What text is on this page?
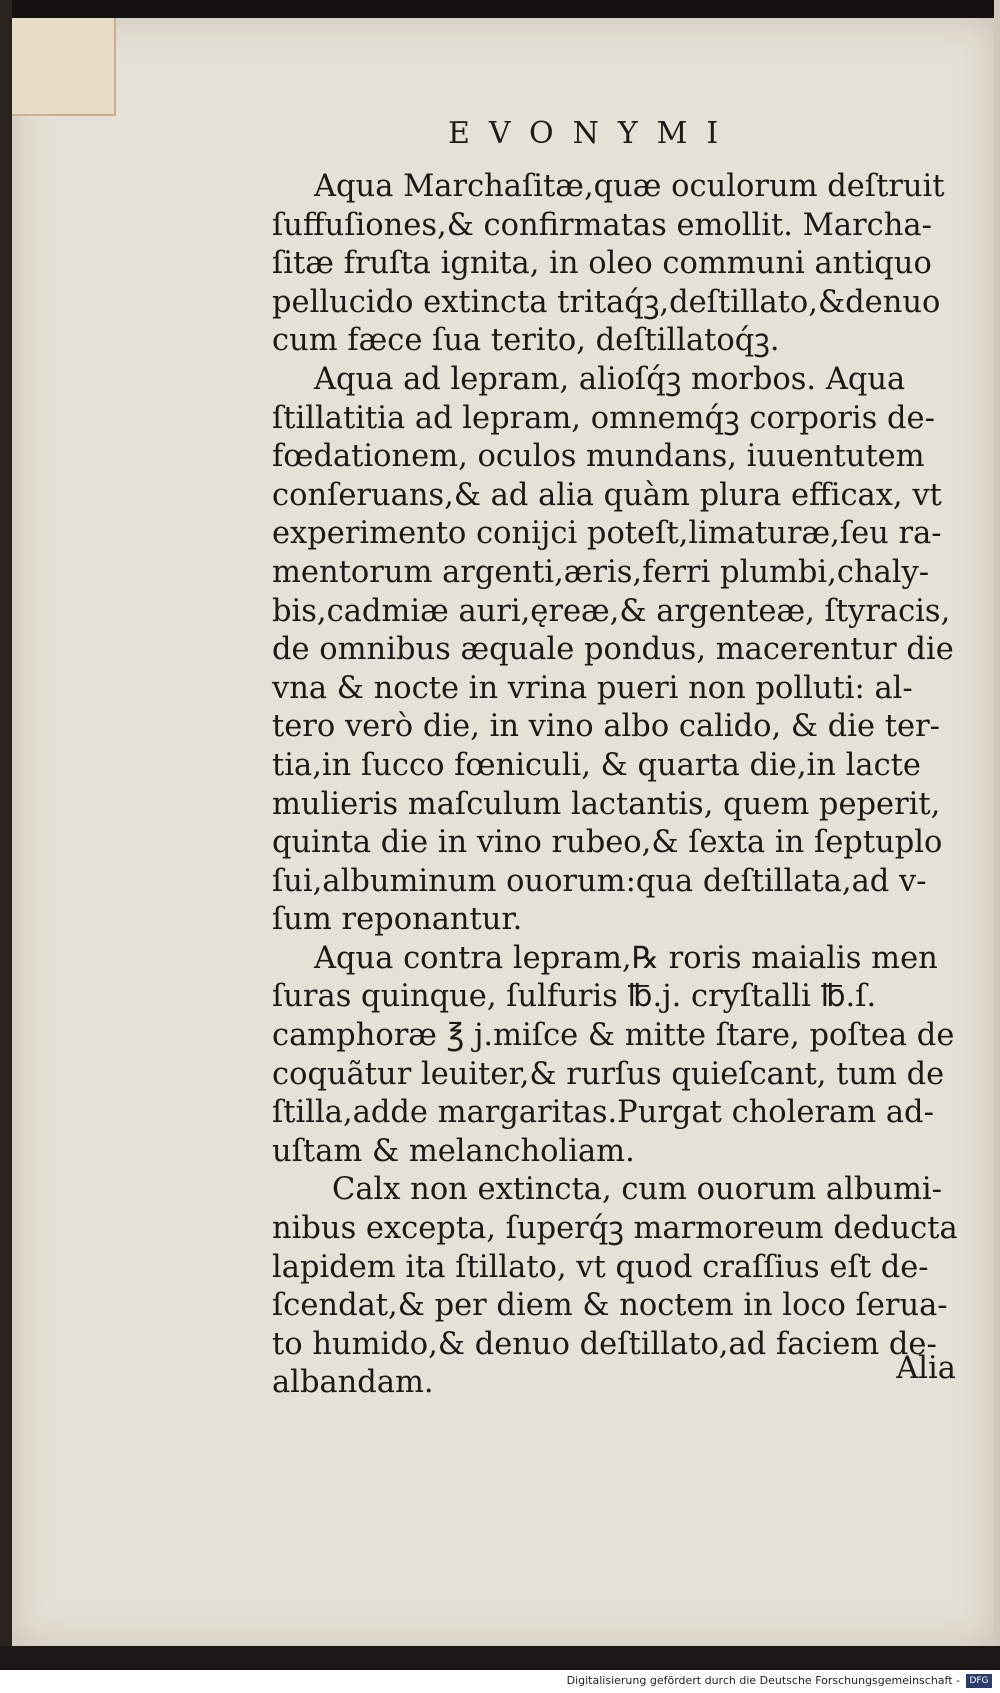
EVONYMI
Aqua Marchaſitæ,quæ oculorum deſtruit
ſuffuſiones,& confirmatas emollit. Marcha-
ſitæ fruſta ignita, in oleo communi antiquo
pellucido extincta tritaq́ꝫ,deſtillato,&denuo
cum fæce ſua terito, deſtillatoq́ꝫ.
Aqua ad lepram, alioſq́ꝫ morbos. Aqua
ſtillatitia ad lepram, omnemq́ꝫ corporis de-
fœdationem, oculos mundans, iuuentutem
conſeruans,& ad alia quàm plura efficax, vt
experimento conijci poteſt,limaturæ,ſeu ra-
mentorum argenti,æris,ferri plumbi,chaly-
bis,cadmiæ auri,ęreæ,& argenteæ, ſtyracis,
de omnibus æquale pondus, macerentur die
vna & nocte in vrina pueri non polluti: al-
tero verò die, in vino albo calido, & die ter-
tia,in ſucco fœniculi, & quarta die,in lacte
mulieris maſculum lactantis, quem peperit,
quinta die in vino rubeo,& ſexta in ſeptuplo
ſui,albuminum ouorum:qua deſtillata,ad v-
ſum reponantur.
Aqua contra lepram,℞ roris maialis men
ſuras quinque, ſulfuris ℔.j. cryſtalli ℔.ſ.
camphoræ ℥ j.miſce & mitte ſtare, poſtea de
coquãtur leuiter,& rurſus quieſcant, tum de
ſtilla,adde margaritas.Purgat choleram ad-
uſtam & melancholiam.
Calx non extincta, cum ouorum albumi-
nibus excepta, ſuperq́ꝫ marmoreum deducta
lapidem ita ſtillato, vt quod craſſius eſt de-
ſcendat,& per diem & noctem in loco ſerua-
to humido,& denuo deſtillato,ad faciem de-
albandam.	Alia
Digitalisierung gefördert durch die Deutsche Forschungsgemeinschaft -	DFG
